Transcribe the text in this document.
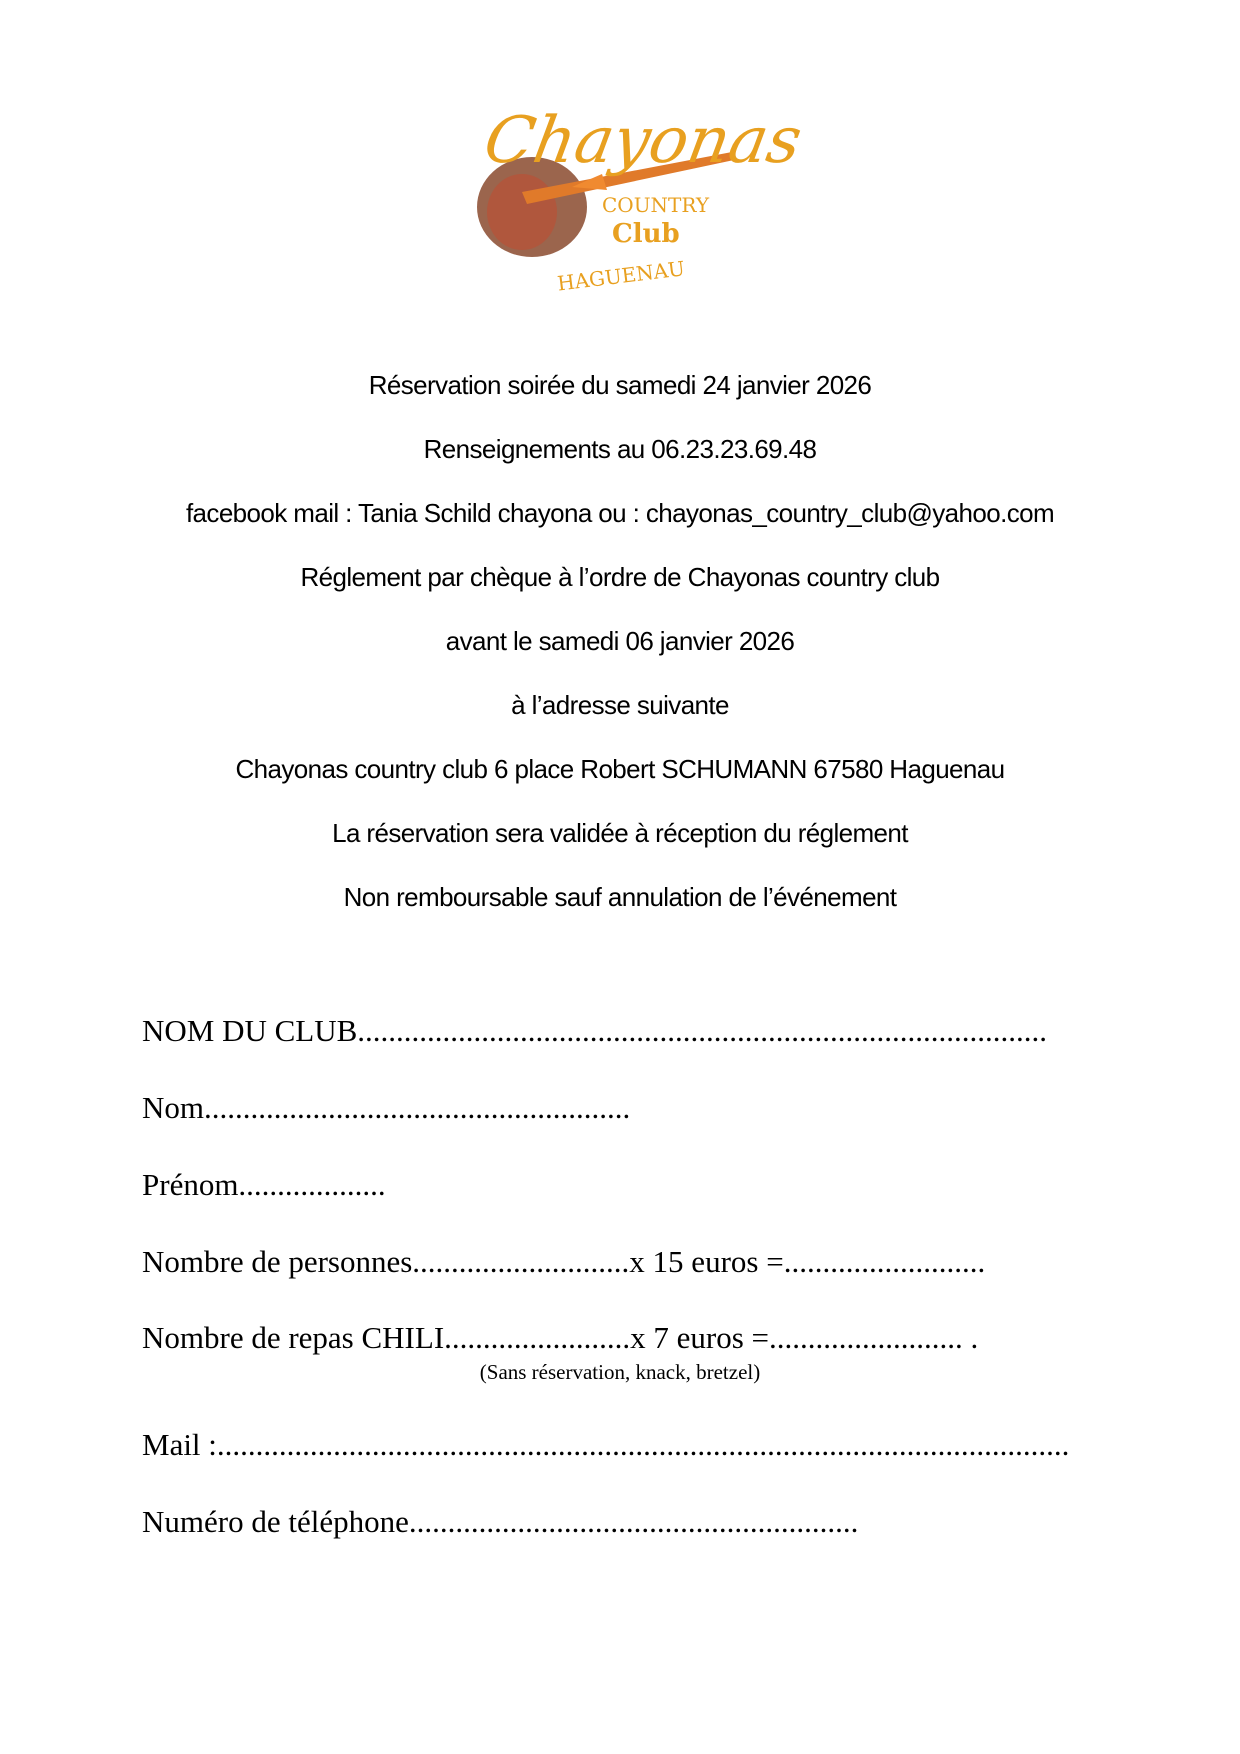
Chayonas
COUNTRY
Club
HAGUENAU
Réservation soirée du samedi 24 janvier 2026
Renseignements au 06.23.23.69.48
facebook mail : Tania Schild chayona ou : chayonas_country_club@yahoo.com
Réglement par chèque à l’ordre de Chayonas country club
avant le samedi 06 janvier 2026
à l’adresse suivante
Chayonas country club 6 place Robert SCHUMANN 67580 Haguenau
La réservation sera validée à réception du réglement
Non remboursable sauf annulation de l’événement
NOM DU CLUB.........................................................................................
Nom.......................................................
Prénom...................
Nombre de personnes............................x 15 euros =..........................
Nombre de repas CHILI........................x 7 euros =......................... .
(Sans réservation, knack, bretzel)
Mail :..............................................................................................................
Numéro de téléphone..........................................................
